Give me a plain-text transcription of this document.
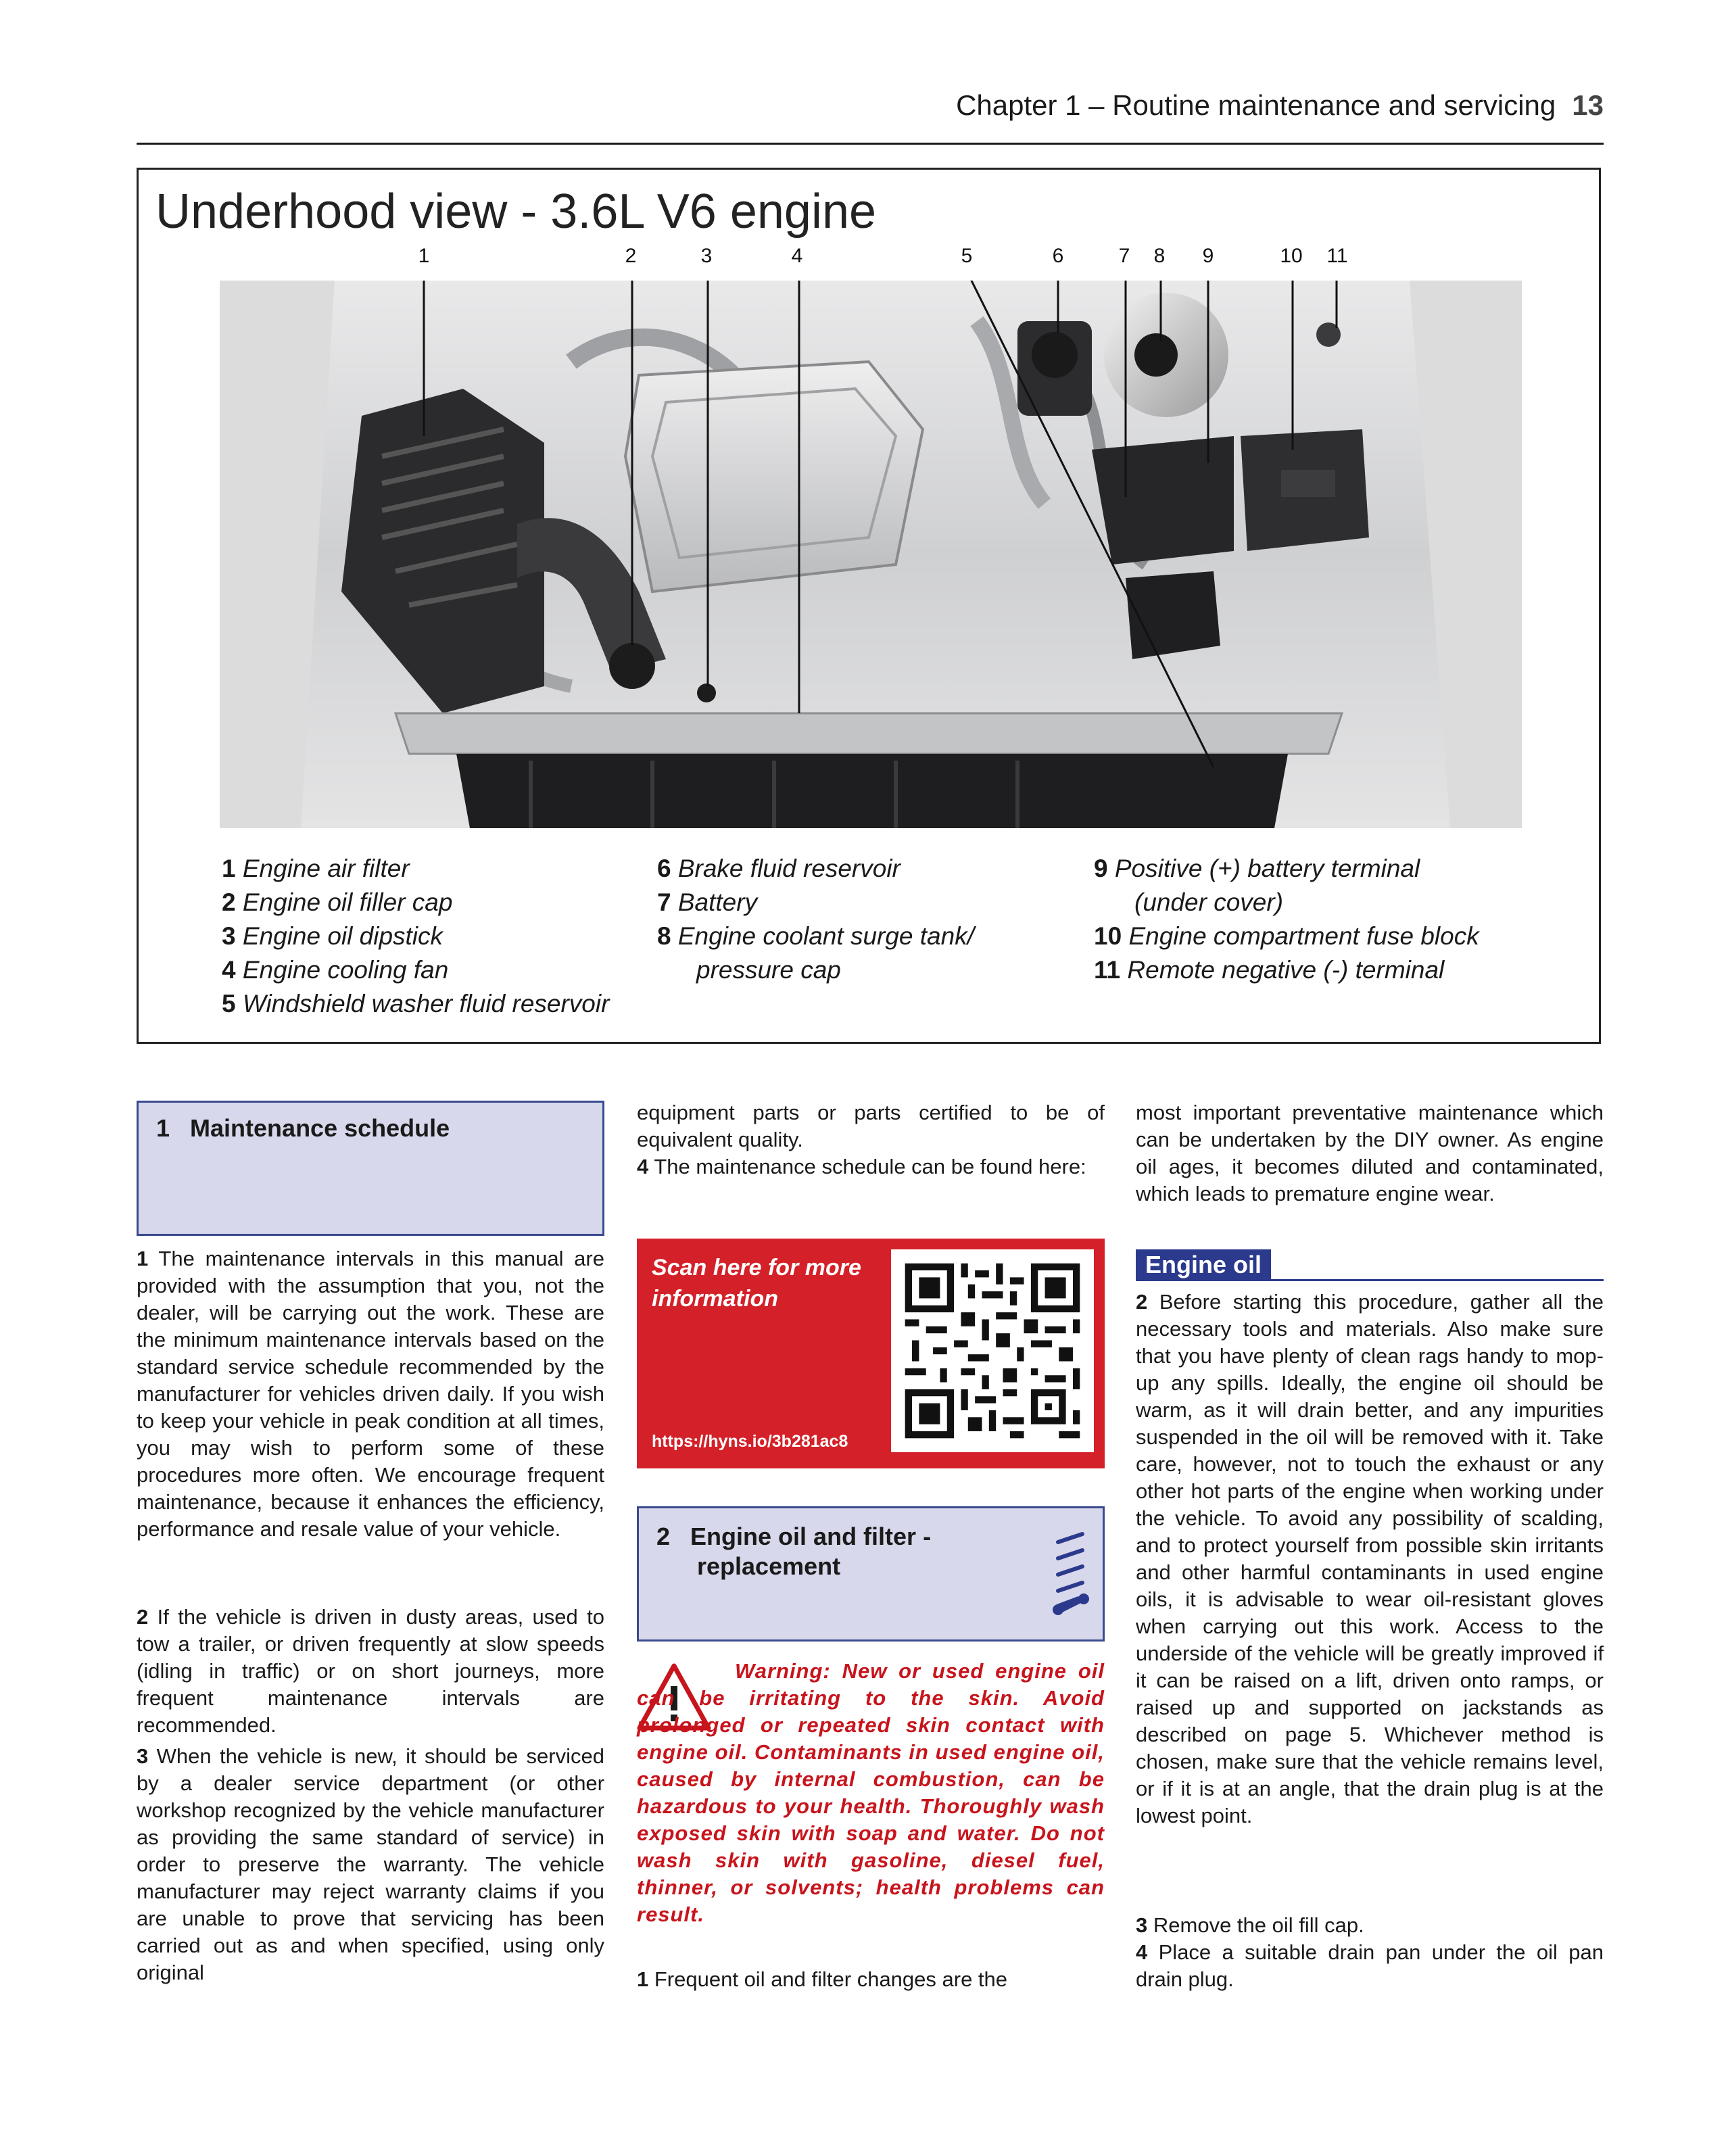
Chapter 1 – Routine maintenance and servicing 13
Underhood view - 3.6L V6 engine
1	2	3	4	5	6	7	8	9	10	11
1 Engine air filter
2 Engine oil filler cap
3 Engine oil dipstick
4 Engine cooling fan
5 Windshield washer fluid reservoir
6 Brake fluid reservoir
7 Battery
8 Engine coolant surge tank/
pressure cap
9 Positive (+) battery terminal
(under cover)
10 Engine compartment fuse block
11 Remote negative (-) terminal
1 Maintenance schedule
1 The maintenance intervals in this manual are provided with the assumption that you, not the dealer, will be carrying out the work. These are the minimum maintenance intervals based on the standard service schedule recommended by the manufacturer for vehicles driven daily. If you wish to keep your vehicle in peak condition at all times, you may wish to perform some of these procedures more often. We encourage frequent maintenance, because it enhances the efficiency, performance and resale value of your vehicle.
2 If the vehicle is driven in dusty areas, used to tow a trailer, or driven frequently at slow speeds (idling in traffic) or on short journeys, more frequent maintenance intervals are recommended.
3 When the vehicle is new, it should be serviced by a dealer service department (or other workshop recognized by the vehicle manufacturer as providing the same standard of service) in order to preserve the warranty. The vehicle manufacturer may reject warranty claims if you are unable to prove that servicing has been carried out as and when specified, using only original
equipment parts or parts certified to be of equivalent quality.
4 The maintenance schedule can be found here:
Scan here for more information
https://hyns.io/3b281ac8
2 Engine oil and filter -
replacement
Warning: New or used engine oil can be irritating to the skin. Avoid prolonged or repeated skin contact with engine oil. Contaminants in used engine oil, caused by internal combustion, can be hazardous to your health. Thoroughly wash exposed skin with soap and water. Do not wash skin with gasoline, diesel fuel, thinner, or solvents; health problems can result.
1 Frequent oil and filter changes are the
most important preventative maintenance which can be undertaken by the DIY owner. As engine oil ages, it becomes diluted and contaminated, which leads to premature engine wear.
Engine oil
2 Before starting this procedure, gather all the necessary tools and materials. Also make sure that you have plenty of clean rags handy to mop-up any spills. Ideally, the engine oil should be warm, as it will drain better, and any impurities suspended in the oil will be removed with it. Take care, however, not to touch the exhaust or any other hot parts of the engine when working under the vehicle. To avoid any possibility of scalding, and to protect yourself from possible skin irritants and other harmful contaminants in used engine oils, it is advisable to wear oil-resistant gloves when carrying out this work. Access to the underside of the vehicle will be greatly improved if it can be raised on a lift, driven onto ramps, or raised up and supported on jackstands as described on page 5. Whichever method is chosen, make sure that the vehicle remains level, or if it is at an angle, that the drain plug is at the lowest point.
3 Remove the oil fill cap.
4 Place a suitable drain pan under the oil pan drain plug.
